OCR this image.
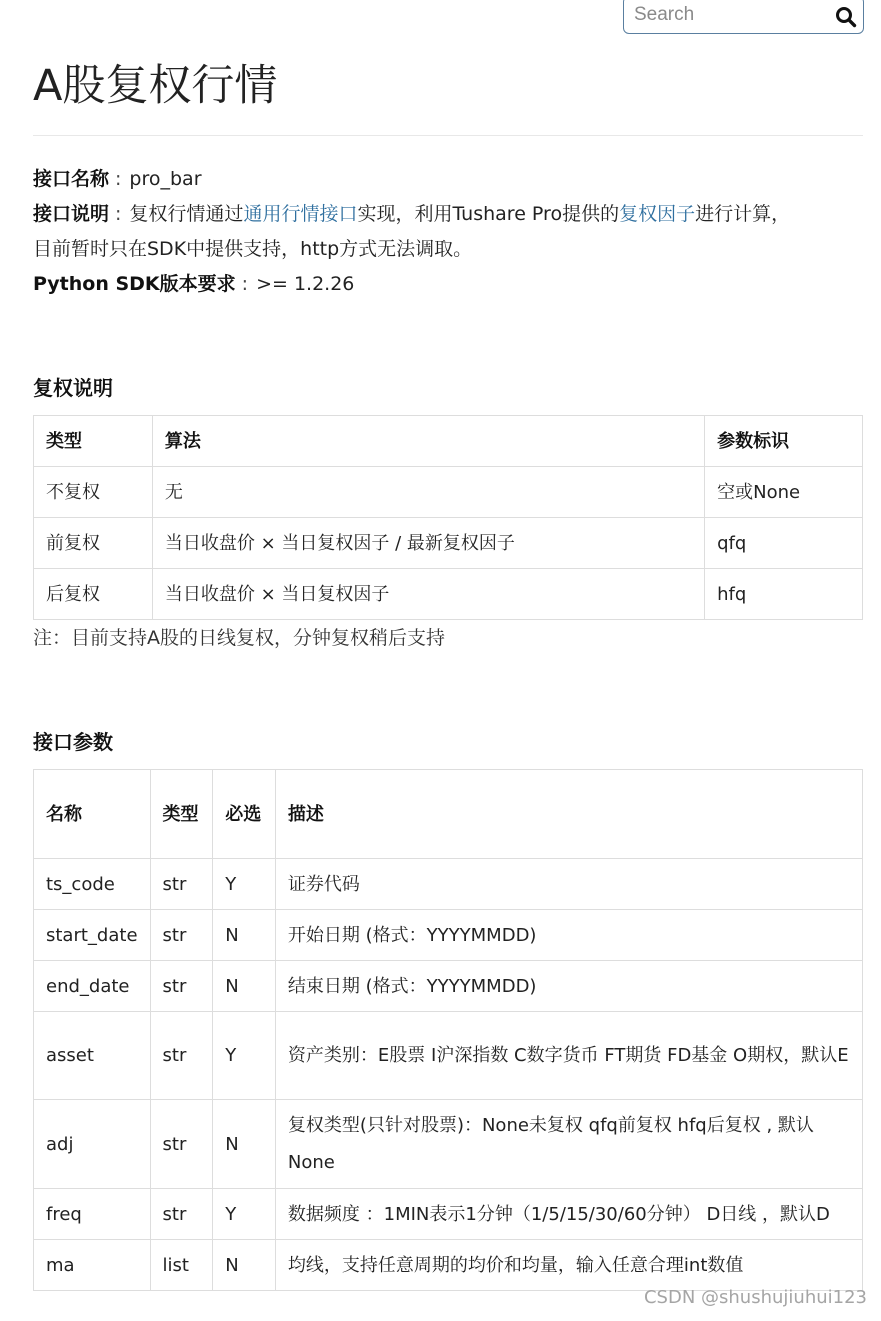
Search
A股复权行情
接口名称 : pro_bar
接口说明 : 复权行情通过通用行情接口实现，利用Tushare Pro提供的复权因子进行计算，
目前暂时只在SDK中提供支持，http方式无法调取。
Python SDK版本要求 : >= 1.2.26
复权说明
类型	算法	参数标识
不复权	无	空或None
前复权	当日收盘价 × 当日复权因子 / 最新复权因子	qfq
后复权	当日收盘价 × 当日复权因子	hfq
注：目前支持A股的日线复权，分钟复权稍后支持
接口参数
名称	类型	必选	描述
ts_code	str	Y	证券代码
start_date	str	N	开始日期 (格式：YYYYMMDD)
end_date	str	N	结束日期 (格式：YYYYMMDD)
asset	str	Y	资产类别：E股票 I沪深指数 C数字货币 FT期货 FD基金 O期权，默认E
adj	str	N	复权类型(只针对股票)：None未复权 qfq前复权 hfq后复权 , 默认None
freq	str	Y	数据频度 ：1MIN表示1分钟（1/5/15/30/60分钟） D日线 ，默认D
ma	list	N	均线，支持任意周期的均价和均量，输入任意合理int数值
CSDN @shushujiuhui123
